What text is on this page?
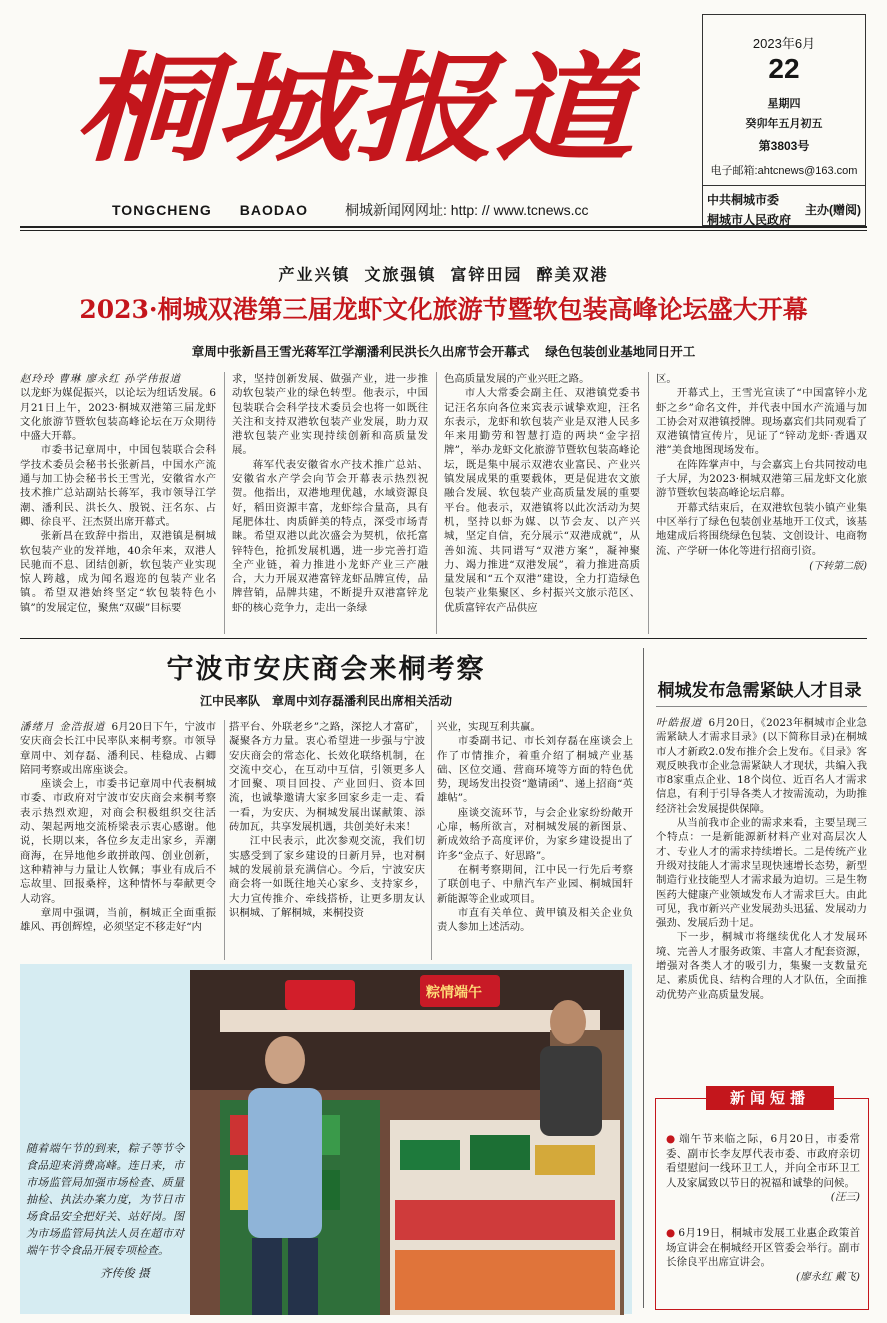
桐城报道
TONGCHENG BAODAO	桐城新闻网网址: http: // www.tcnews.cc
2023年6月
22
星期四
癸卯年五月初五
第3803号
电子邮箱:ahtcnews@163.com
中共桐城市委
桐城市人民政府
主办(赠阅)
产业兴镇 文旅强镇 富锌田园 醉美双港
2023·桐城双港第三届龙虾文化旅游节暨软包装高峰论坛盛大开幕
章周中张新昌王雪光蒋军江学潮潘利民洪长久出席节会开幕式 绿色包装创业基地同日开工

赵玲玲 曹琳 廖永红 孙学伟报道

以龙虾为媒促振兴，以论坛为纽话发展。6月21日上午，2023·桐城双港第三届龙虾文化旅游节暨软包装高峰论坛在万众期待中盛大开幕。

市委书记章周中，中国包装联合会科学技术委员会秘书长张新昌，中国水产流通与加工协会秘书长王雪光，安徽省水产技术推广总站副站长蒋军，我市领导江学潮、潘利民、洪长久、殷锐、汪名东、占卿、徐良平、汪杰贤出席开幕式。

张新昌在致辞中指出，双港镇是桐城软包装产业的发祥地，40余年来，双港人民驰而不息、团结创新，软包装产业实现惊人跨越，成为闻名遐迩的包装产业名镇。希望双港始终坚定“软包装特色小镇”的发展定位，聚焦“双碳”目标要

求，坚持创新发展、做强产业，进一步推动软包装产业的绿色转型。他表示，中国包装联合会科学技术委员会也将一如既往关注和支持双港软包装产业发展，助力双港软包装产业实现持续创新和高质量发展。

蒋军代表安徽省水产技术推广总站、安徽省水产学会向节会开幕表示热烈祝贺。他指出，双港地理优越，水域资源良好，稻田资源丰富，龙虾综合量高，具有尾肥体壮、肉质鲜美的特点，深受市场青睐。希望双港以此次盛会为契机，依托富锌特色，抢抓发展机遇，进一步完善打造全产业链，着力推进小龙虾产业三产融合，大力开展双港富锌龙虾品牌宣传，品牌营销，品牌共建，不断提升双港富锌龙虾的核心竞争力，走出一条绿

色高质量发展的产业兴旺之路。

市人大常委会副主任、双港镇党委书记汪名东向各位来宾表示诚挚欢迎，汪名东表示，龙虾和软包装产业是双港人民多年来用勤劳和智慧打造的两块“金字招牌”，举办龙虾文化旅游节暨软包装高峰论坛，既是集中展示双港农业富民、产业兴镇发展成果的重要载体，更是促进农文旅融合发展、软包装产业高质量发展的重要平台。他表示，双港镇将以此次活动为契机，坚持以虾为媒、以节会友、以产兴城，坚定自信，充分展示“双港成就”，从善如流、共同谱写“双港方案”，凝神聚力、竭力推进“双港发展”，着力推进高质量发展和“五个双港”建设，全力打造绿色包装产业集聚区、乡村振兴文旅示范区、优质富锌农产品供应

区。

开幕式上，王雪光宣读了“中国富锌小龙虾之乡”命名文件，并代表中国水产流通与加工协会对双港镇授牌。现场嘉宾们共同观看了双港镇情宣传片，见证了“锌动龙虾·香遇双港”美食地图现场发布。

在阵阵掌声中，与会嘉宾上台共同按动电子大屏，为2023·桐城双港第三届龙虾文化旅游节暨软包装高峰论坛启幕。

开幕式结束后，在双港软包装小镇产业集中区举行了绿色包装创业基地开工仪式，该基地建成后将围绕绿色包装、文创设计、电商物流、产学研一体化等进行招商引资。

(下转第二版)
宁波市安庆商会来桐考察
江中民率队 章周中刘存磊潘利民出席相关活动

潘绪月 金浩报道 6月20日下午，宁波市安庆商会长江中民率队来桐考察。市领导章周中、刘存磊、潘利民、桂稳成、占卿陪同考察或出席座谈会。

座谈会上，市委书记章周中代表桐城市委、市政府对宁波市安庆商会来桐考察表示热烈欢迎，对商会积极组织交往活动、架起两地交流桥梁表示衷心感谢。他说，长期以来，各位乡友走出家乡，弄潮商海，在异地他乡敢拼敢闯、创业创新，这种精神与力量让人钦佩；事业有成后不忘故里、回报桑梓，这种情怀与奉献更令人动容。

章周中强调，当前，桐城正全面重振雄风、再创辉煌，必须坚定不移走好“内

搭平台、外联老乡”之路，深挖人才富矿，凝聚各方力量。衷心希望进一步强与宁波安庆商会的常态化、长效化联络机制，在交流中交心，在互动中互信，引领更多人才回聚、项目回投、产业回归、资本回流，也诚挚邀请大家多回家乡走一走、看一看，为安庆、为桐城发展出谋献策、添砖加瓦，共享发展机遇，共创美好未来！

江中民表示，此次参观交流，我们切实感受到了家乡建设的日新月异，也对桐城的发展前景充满信心。今后，宁波安庆商会将一如既往地关心家乡、支持家乡，大力宣传推介、牵线搭桥，让更多朋友认识桐城、了解桐城，来桐投资

兴业，实现互利共赢。

市委副书记、市长刘存磊在座谈会上作了市情推介，着重介绍了桐城产业基础、区位交通、营商环境等方面的特色优势，现场发出投资“邀请函”、递上招商“英雄帖”。

座谈交流环节，与会企业家纷纷敞开心扉，畅所欲言，对桐城发展的新图景、新成效给予高度评价，为家乡建设提出了许多“金点子、好思路”。

在桐考察期间，江中民一行先后考察了联创电子、中鼎汽车产业园、桐城国轩新能源等企业或项目。

市直有关单位、黄甲镇及相关企业负责人参加上述活动。

桐城发布急需紧缺人才目录

叶皓报道 6月20日，《2023年桐城市企业急需紧缺人才需求目录》(以下简称目录)在桐城市人才新政2.0发布推介会上发布。《目录》客观反映我市企业急需紧缺人才现状，共编入我市8家重点企业、18个岗位、近百名人才需求信息，有利于引导各类人才按需流动，为助推经济社会发展提供保障。

从当前我市企业的需求来看，主要呈现三个特点：一是新能源新材料产业对高层次人才、专业人才的需求持续增长。二是传统产业升级对技能人才需求呈现快速增长态势，新型制造行业技能型人才需求最为迫切。三是生物医药大健康产业领域发布人才需求巨大。由此可见，我市新兴产业发展劲头迅猛、发展动力强劲、发展后劲十足。

下一步，桐城市将继续优化人才发展环境、完善人才服务政策、丰富人才配套资源，增强对各类人才的吸引力，集聚一支数量充足、素质优良、结构合理的人才队伍，全面推动优势产业高质量发展。

粽情端午
随着端午节的到来，粽子等节令食品迎来消费高峰。连日来，市市场监管局加强市场检查、质量抽检、执法办案力度，为节日市场食品安全把好关、站好岗。图为市场监管局执法人员在超市对端午节令食品开展专项检查。
齐传俊 摄
新闻短播
● 端午节来临之际，6月20日，市委常委、副市长李友厚代表市委、市政府亲切看望慰问一线环卫工人，并向全市环卫工人及家属致以节日的祝福和诚挚的问候。
(汪三)
● 6月19日，桐城市发展工业惠企政策首场宣讲会在桐城经开区管委会举行。副市长徐良平出席宣讲会。
(廖永红 戴飞)
